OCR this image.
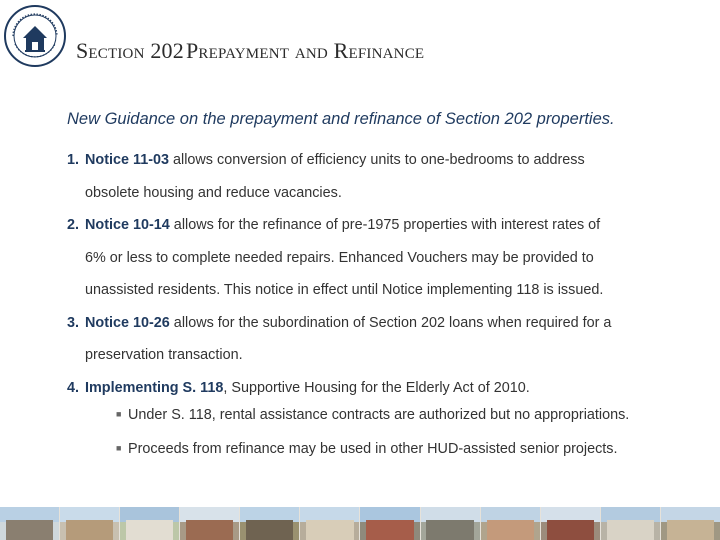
Section 202Prepayment and Refinance
New Guidance on the prepayment and refinance of Section 202 properties.
1. Notice 11-03 allows conversion of efficiency units to one-bedrooms to address
obsolete housing and reduce vacancies.
2. Notice 10-14 allows for the refinance of pre-1975 properties with interest rates of
6% or less to complete needed repairs. Enhanced Vouchers may be provided to
unassisted residents. This notice in effect until Notice implementing 118 is issued.
3. Notice 10-26 allows for the subordination of Section 202 loans when required for a
preservation transaction.
4. Implementing S. 118, Supportive Housing for the Elderly Act of 2010.
■ Under S. 118, rental assistance contracts are authorized but no appropriations.
■ Proceeds from refinance may be used in other HUD-assisted senior projects.
